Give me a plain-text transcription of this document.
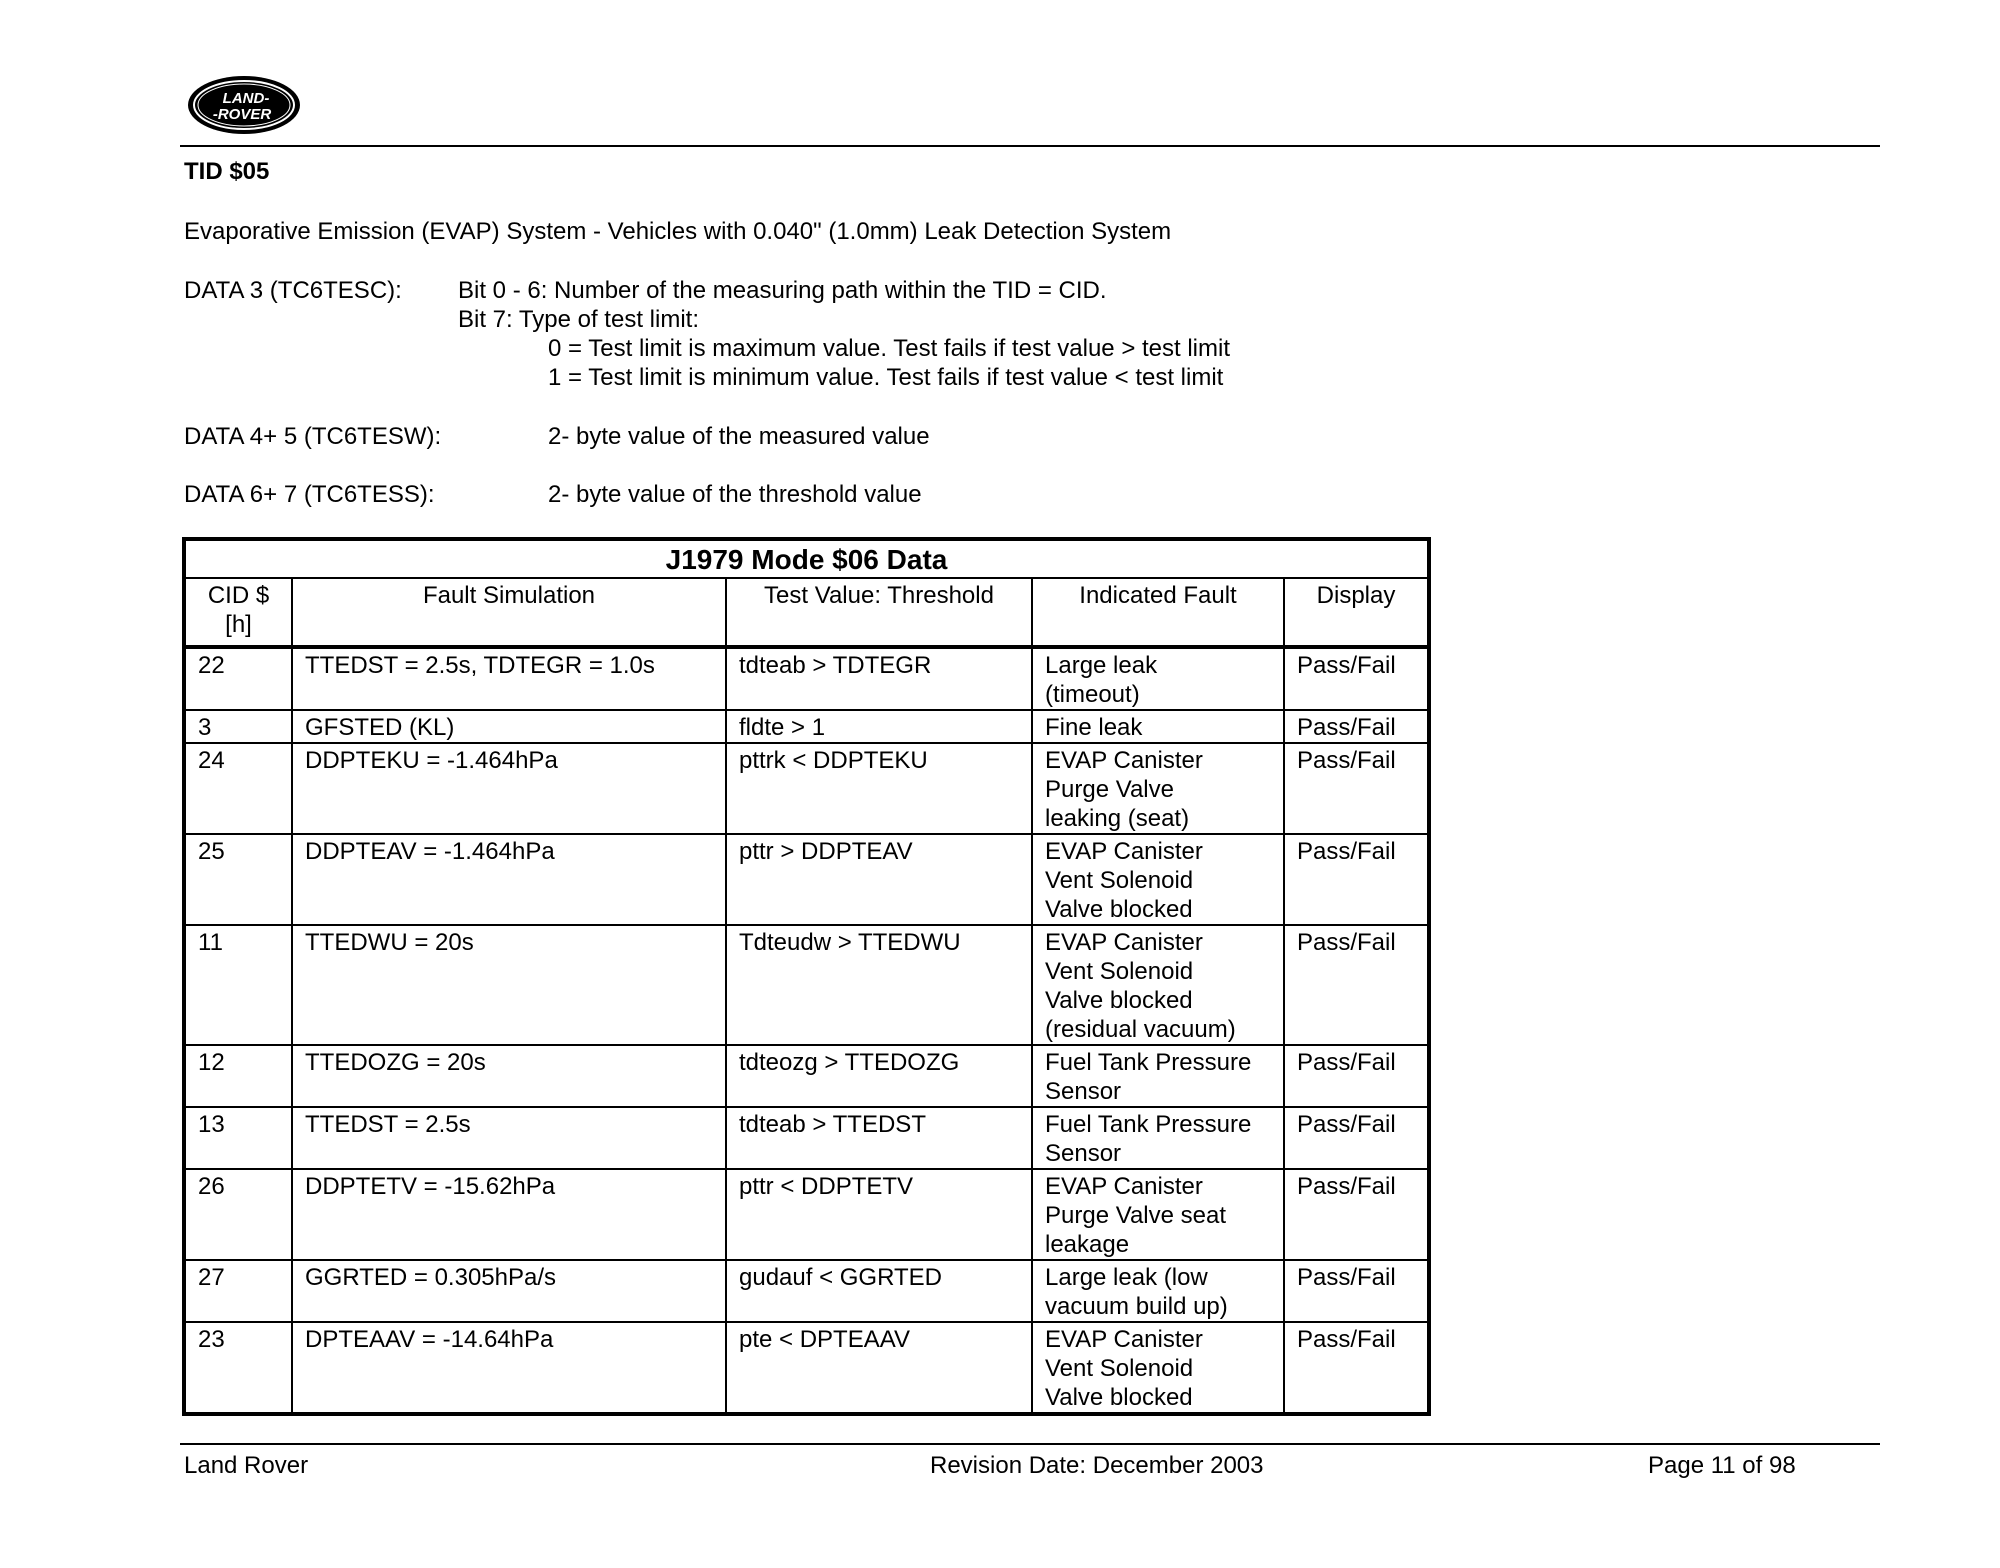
LAND-
-ROVER
TID $05
Evaporative Emission (EVAP) System - Vehicles with 0.040" (1.0mm) Leak Detection System
DATA 3 (TC6TESC): Bit 0 - 6: Number of the measuring path within the TID = CID.
Bit 7: Type of test limit:
0 = Test limit is maximum value. Test fails if test value > test limit
1 = Test limit is minimum value. Test fails if test value < test limit
DATA 4+ 5 (TC6TESW):	2- byte value of the measured value
DATA 6+ 7 (TC6TESS):	2- byte value of the threshold value
J1979 Mode $06 Data				

CID $
[h]	Fault Simulation	Test Value: Threshold	Indicated Fault	Display
22	TTEDST = 2.5s, TDTEGR = 1.0s	tdteab > TDTEGR	Large leak
(timeout)	Pass/Fail
3	GFSTED (KL)	fldte > 1	Fine leak	Pass/Fail
24	DDPTEKU = -1.464hPa	pttrk < DDPTEKU	EVAP Canister
Purge Valve
leaking (seat)	Pass/Fail
25	DDPTEAV = -1.464hPa	pttr > DDPTEAV	EVAP Canister
Vent Solenoid
Valve blocked	Pass/Fail
11	TTEDWU = 20s	Tdteudw > TTEDWU	EVAP Canister
Vent Solenoid
Valve blocked
(residual vacuum)	Pass/Fail
12	TTEDOZG = 20s	tdteozg > TTEDOZG	Fuel Tank Pressure
Sensor	Pass/Fail
13	TTEDST = 2.5s	tdteab > TTEDST	Fuel Tank Pressure
Sensor	Pass/Fail
26	DDPTETV = -15.62hPa	pttr < DDPTETV	EVAP Canister
Purge Valve seat
leakage	Pass/Fail
27	GGRTED = 0.305hPa/s	gudauf < GGRTED	Large leak (low
vacuum build up)	Pass/Fail
23	DPTEAAV = -14.64hPa	pte < DPTEAAV	EVAP Canister
Vent Solenoid
Valve blocked	Pass/Fail
Land Rover	Revision Date: December 2003	Page 11 of 98
